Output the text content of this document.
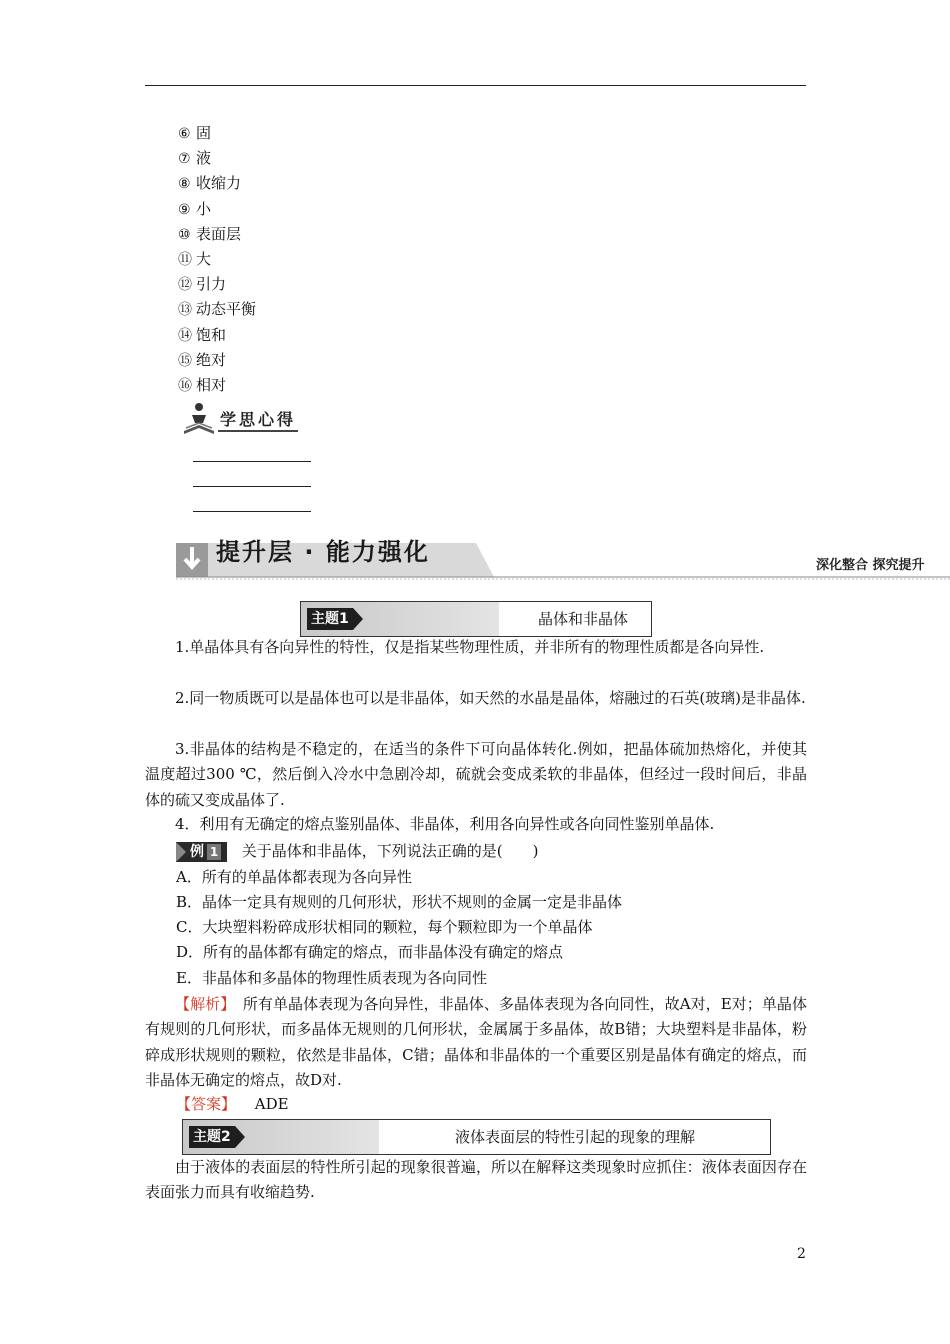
⑥ 固
⑦ 液
⑧ 收缩力
⑨ 小
⑩ 表面层
⑪ 大
⑫ 引力
⑬ 动态平衡
⑭ 饱和
⑮ 绝对
⑯ 相对
学思心得
提升层 · 能力强化	深化整合 探究提升
主题1	晶体和非晶体

1.单晶体具有各向异性的特性，仅是指某些物理性质，并非所有的物理性质都是各向异性.

2.同一物质既可以是晶体也可以是非晶体，如天然的水晶是晶体，熔融过的石英(玻璃)是非晶体.

3.非晶体的结构是不稳定的，在适当的条件下可向晶体转化.例如，把晶体硫加热熔化，并使其温度超过300 ℃，然后倒入冷水中急剧冷却，硫就会变成柔软的非晶体，但经过一段时间后，非晶体的硫又变成晶体了.

4．利用有无确定的熔点鉴别晶体、非晶体，利用各向异性或各向同性鉴别单晶体.

例 1 关于晶体和非晶体，下列说法正确的是(　　)
A．所有的单晶体都表现为各向异性
B．晶体一定具有规则的几何形状，形状不规则的金属一定是非晶体
C．大块塑料粉碎成形状相同的颗粒，每个颗粒即为一个单晶体
D．所有的晶体都有确定的熔点，而非晶体没有确定的熔点
E．非晶体和多晶体的物理性质表现为各向同性

【解析】　 所有单晶体表现为各向异性，非晶体、多晶体表现为各向同性，故A对，E对；单晶体有规则的几何形状，而多晶体无规则的几何形状，金属属于多晶体，故B错；大块塑料是非晶体，粉碎成形状规则的颗粒，依然是非晶体，C错；晶体和非晶体的一个重要区别是晶体有确定的熔点，而非晶体无确定的熔点，故D对.

【答案】 ADE
主题2	液体表面层的特性引起的现象的理解

由于液体的表面层的特性所引起的现象很普遍，所以在解释这类现象时应抓住：液体表面因存在表面张力而具有收缩趋势.

2
